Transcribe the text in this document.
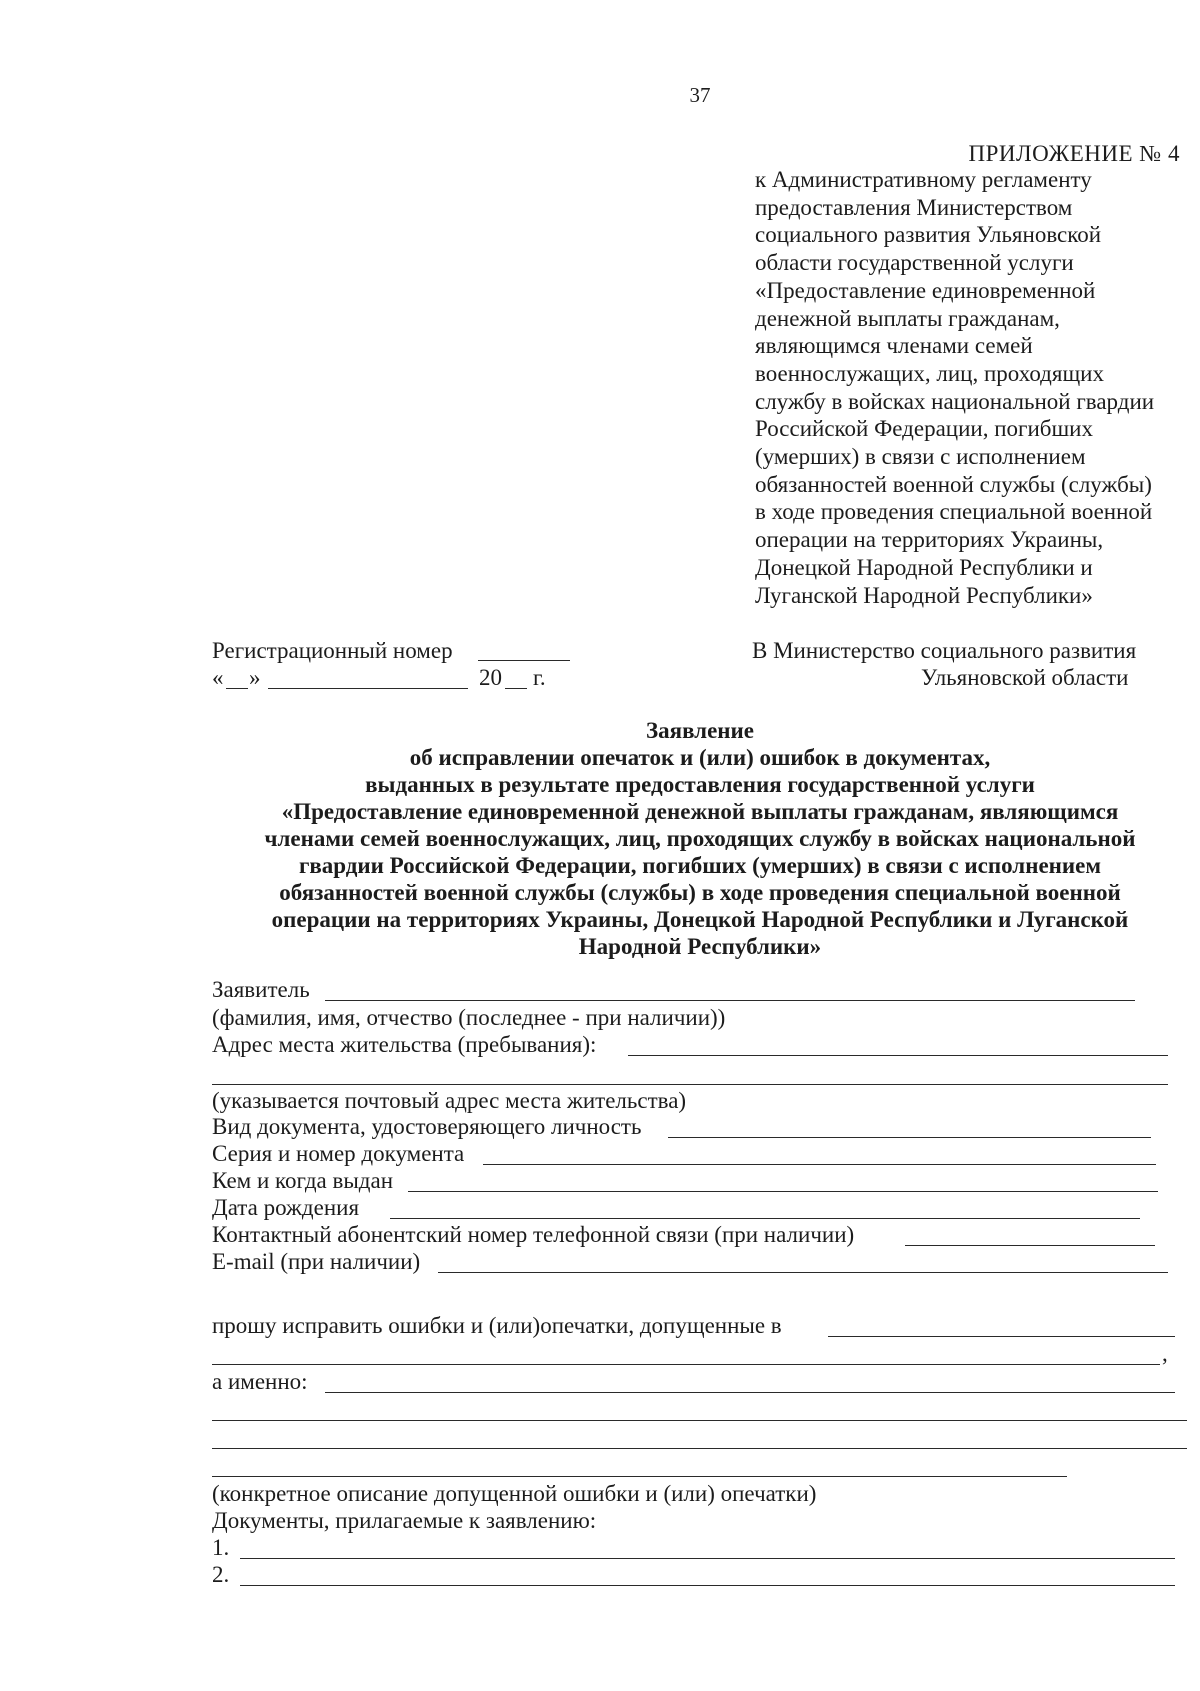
37
ПРИЛОЖЕНИЕ № 4
к Административному регламенту
предоставления Министерством
социального развития Ульяновской
области государственной услуги
«Предоставление единовременной
денежной выплаты гражданам,
являющимся членами семей
военнослужащих, лиц, проходящих
службу в войсках национальной гвардии
Российской Федерации, погибших
(умерших) в связи с исполнением
обязанностей военной службы (службы)
в ходе проведения специальной военной
операции на территориях Украины,
Донецкой Народной Республики и
Луганской Народной Республики»
Регистрационный номер
« »	20 г.
В Министерство социального развития
Ульяновской области
Заявление
об исправлении опечаток и (или) ошибок в документах,
выданных в результате предоставления государственной услуги
«Предоставление единовременной денежной выплаты гражданам, являющимся
членами семей военнослужащих, лиц, проходящих службу в войсках национальной
гвардии Российской Федерации, погибших (умерших) в связи с исполнением
обязанностей военной службы (службы) в ходе проведения специальной военной
операции на территориях Украины, Донецкой Народной Республики и Луганской
Народной Республики»
Заявитель
(фамилия, имя, отчество (последнее - при наличии))
Адрес места жительства (пребывания):
(указывается почтовый адрес места жительства)
Вид документа, удостоверяющего личность
Серия и номер документа
Кем и когда выдан
Дата рождения
Контактный абонентский номер телефонной связи (при наличии)
E-mail (при наличии)
прошу исправить ошибки и (или)опечатки, допущенные в
,
а именно:
(конкретное описание допущенной ошибки и (или) опечатки)
Документы, прилагаемые к заявлению:
1.
2.
